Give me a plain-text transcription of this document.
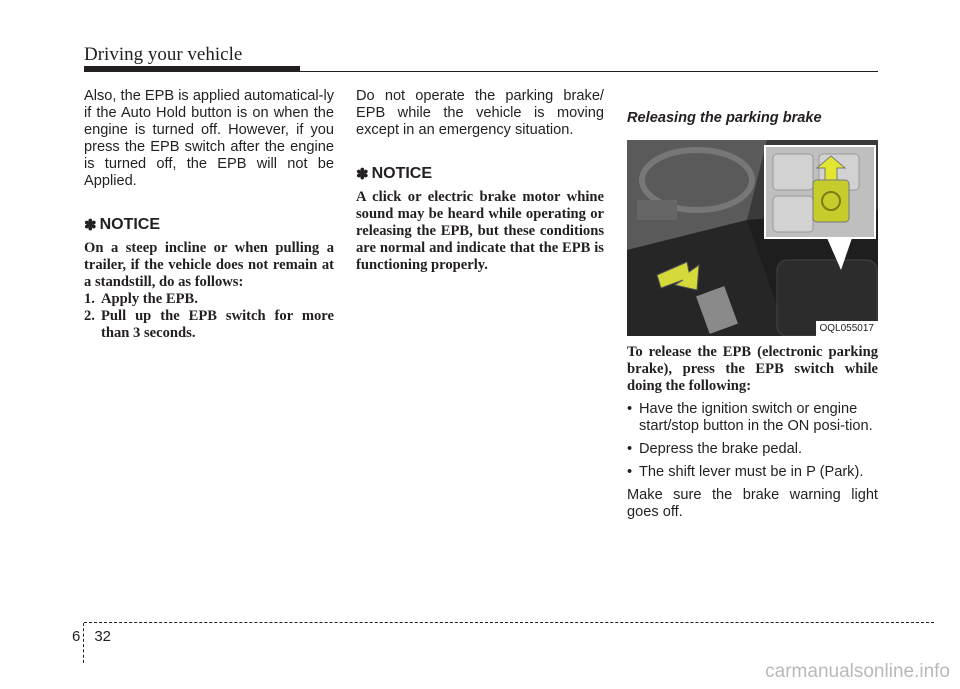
Driving your vehicle

Also, the EPB is applied automatical-ly if the Auto Hold button is on when the engine is turned off. However, if you press the EPB switch after the engine is turned off, the EPB will not be Applied.

✽ NOTICE

On a steep incline or when pulling a trailer, if the vehicle does not remain at a standstill, do as follows:

1. Apply the EPB.
2. Pull up the EPB switch for more than 3 seconds.

Do not operate the parking brake/ EPB while the vehicle is moving except in an emergency situation.

✽ NOTICE

A click or electric brake motor whine sound may be heard while operating or releasing the EPB, but these conditions are normal and indicate that the EPB is functioning properly.

Releasing the parking brake

OQL055017

To release the EPB (electronic parking brake), press the EPB switch while doing the following:

• Have the ignition switch or engine start/stop button in the ON posi-tion.
• Depress the brake pedal.
• The shift lever must be in P (Park).

Make sure the brake warning light goes off.

6 32
carmanualsonline.info
